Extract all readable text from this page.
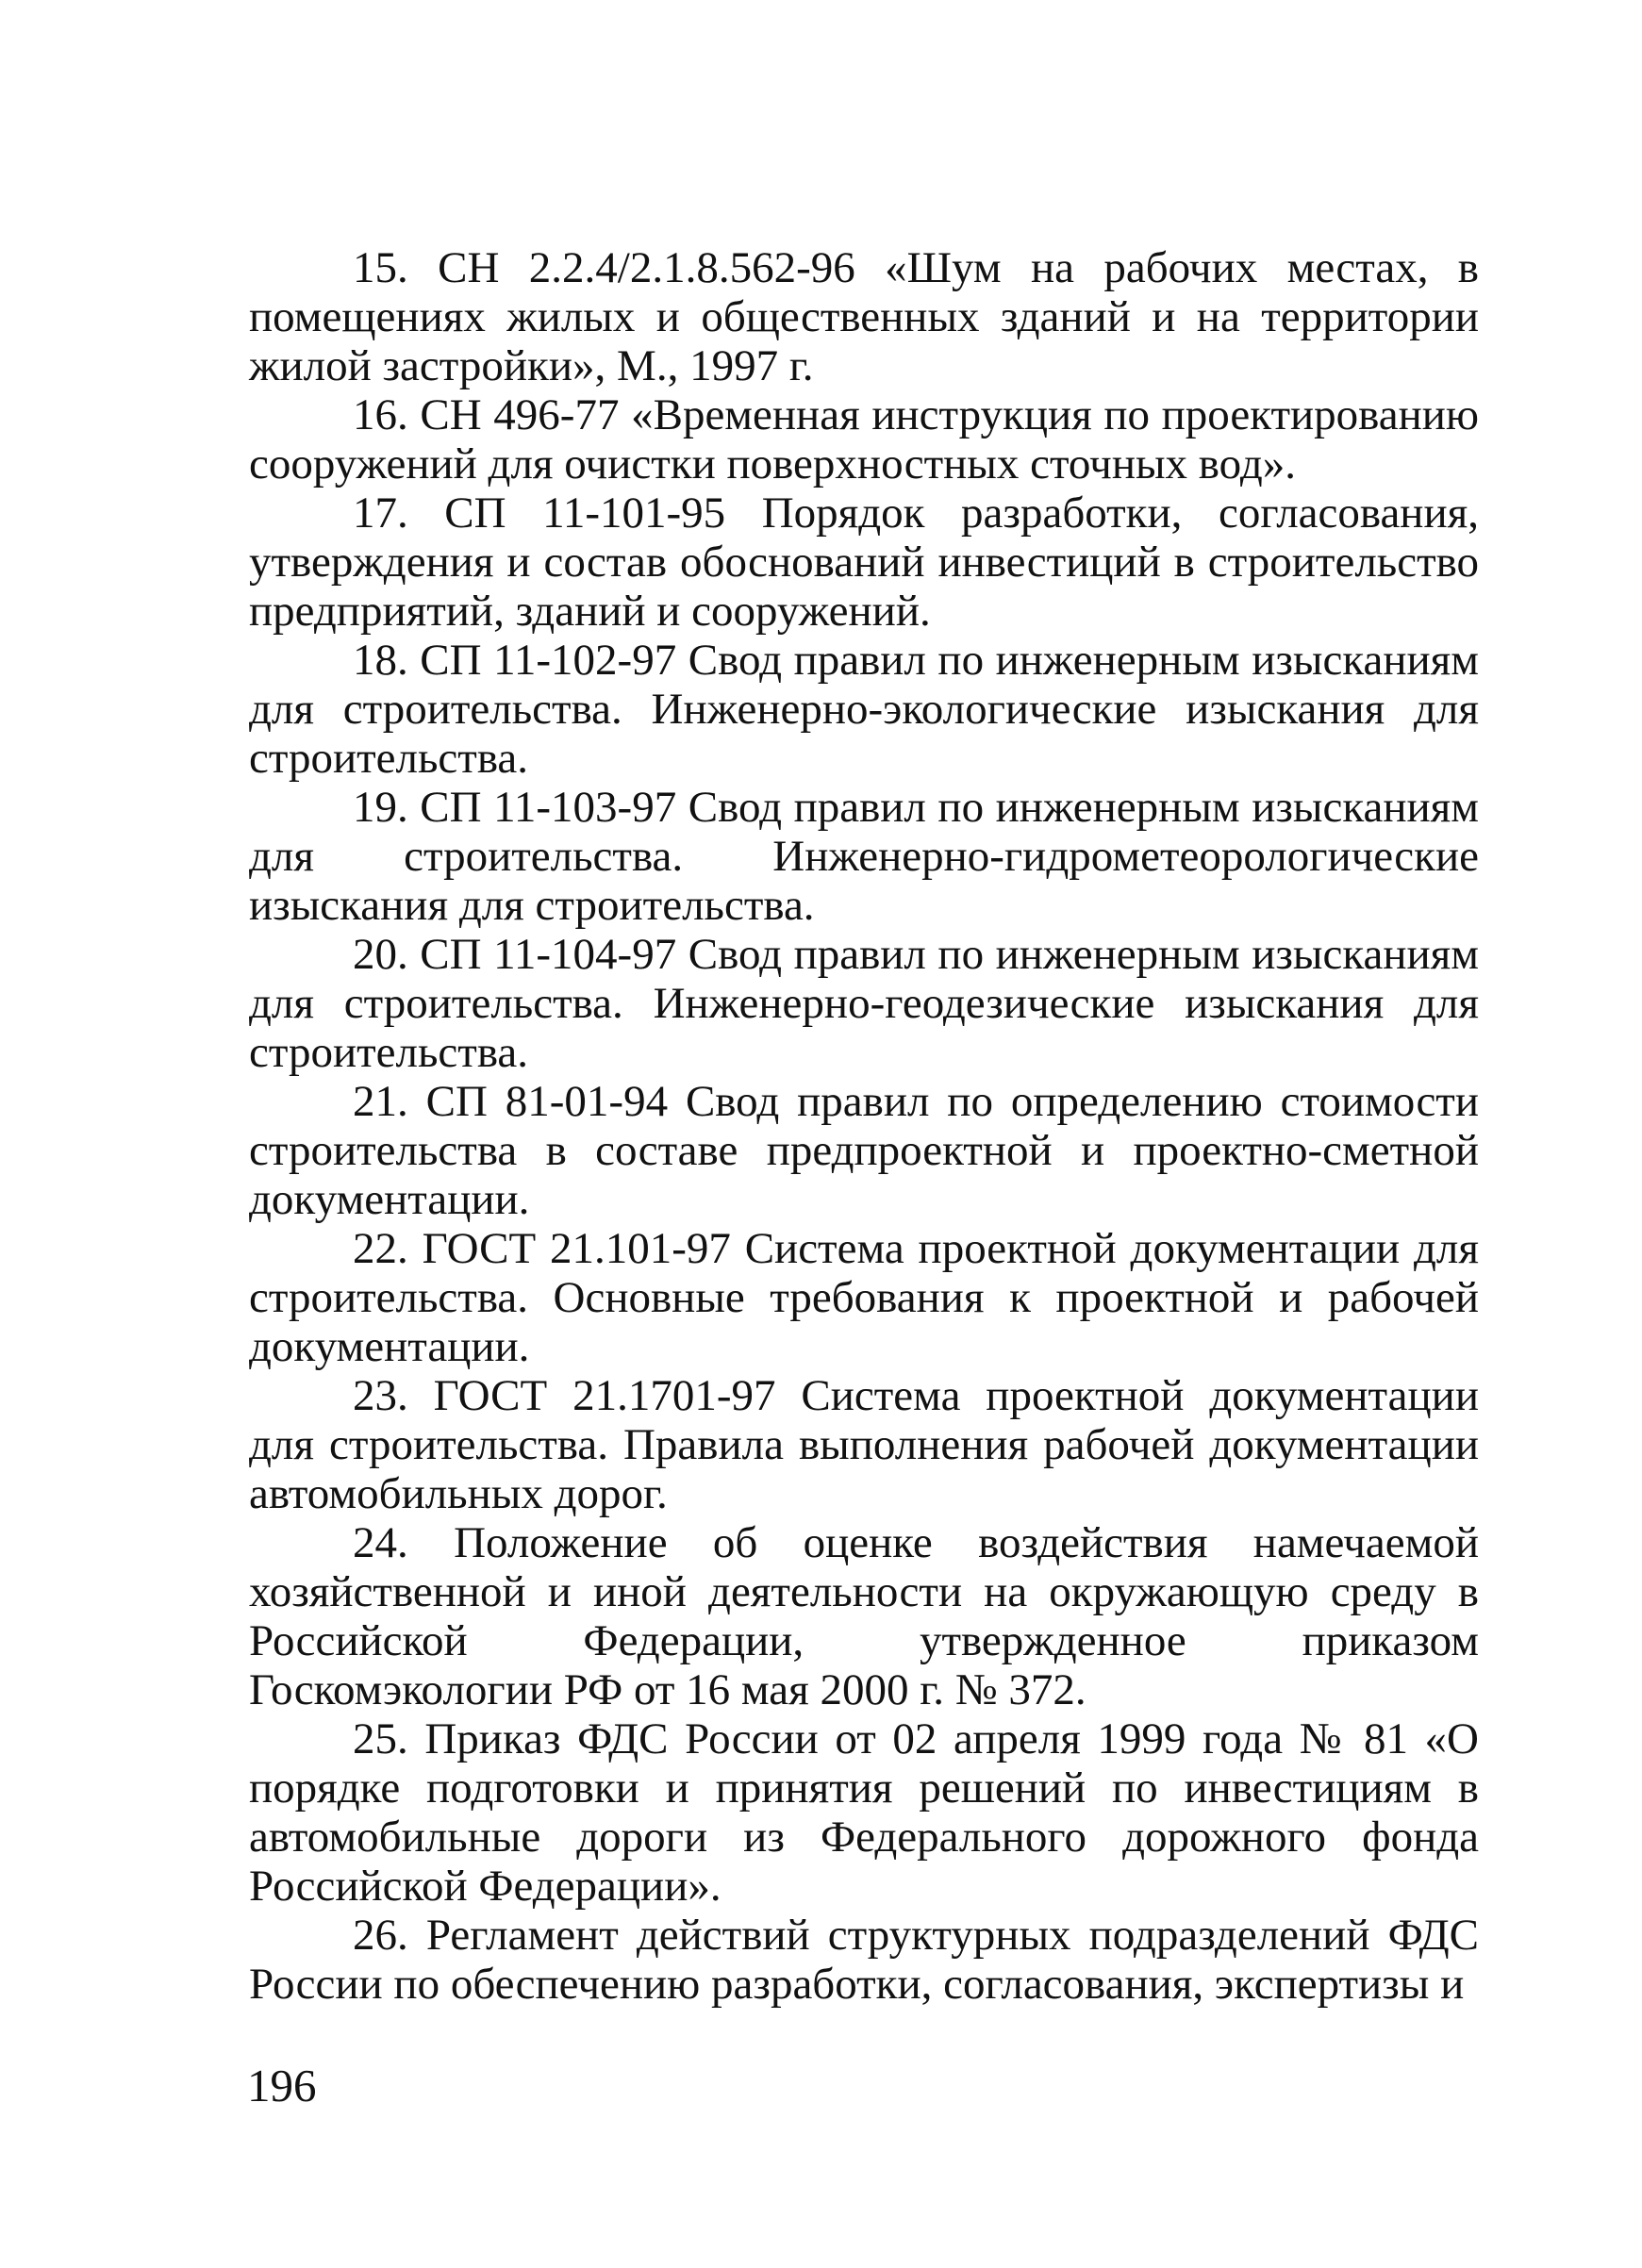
15. СН 2.2.4/2.1.8.562-96 «Шум на рабочих местах, в помещениях жилых и общественных зданий и на территории жилой застройки», М., 1997 г.

16. СН 496-77 «Временная инструкция по проектированию сооружений для очистки поверхностных сточных вод».

17. СП 11-101-95 Порядок разработки, согласования, утверждения и состав обоснований инвестиций в строительство предприятий, зданий и сооружений.

18. СП 11-102-97 Свод правил по инженерным изысканиям для строительства. Инженерно-экологические изыскания для строительства.

19. СП 11-103-97 Свод правил по инженерным изысканиям для строительства. Инженерно-гидрометеорологические изыскания для строительства.

20. СП 11-104-97 Свод правил по инженерным изысканиям для строительства. Инженерно-геодезические изыскания для строительства.

21. СП 81-01-94 Свод правил по определению стоимости строительства в составе предпроектной и проектно-сметной документации.

22. ГОСТ 21.101-97 Система проектной документации для строительства. Основные требования к проектной и рабочей документации.

23. ГОСТ 21.1701-97 Система проектной документации для строительства. Правила выполнения рабочей документации автомобильных дорог.

24. Положение об оценке воздействия намечаемой хозяйственной и иной деятельности на окружающую среду в Российской Федерации, утвержденное приказом Госкомэкологии РФ от 16 мая 2000 г. № 372.

25. Приказ ФДС России от 02 апреля 1999 года № 81 «О порядке подготовки и принятия решений по инвестициям в автомобильные дороги из Федерального дорожного фонда Российской Федерации».

26. Регламент действий структурных подразделений ФДС России по обеспечению разработки, согласования, экспертизы и

196
